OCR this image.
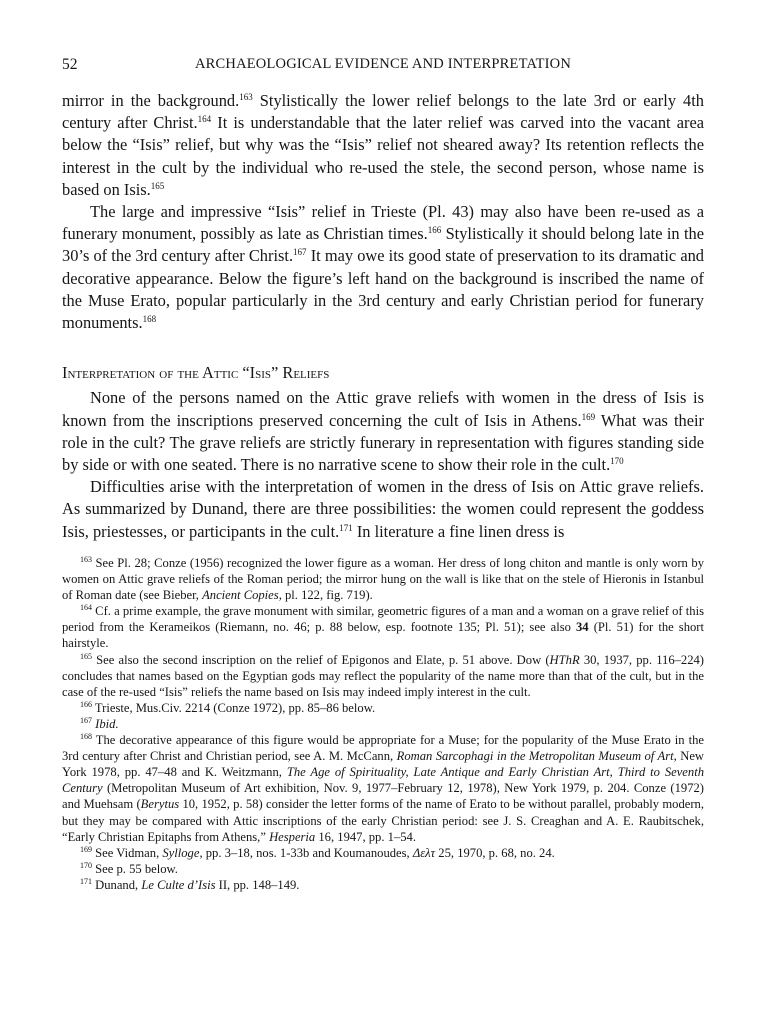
52	ARCHAEOLOGICAL EVIDENCE AND INTERPRETATION

mirror in the background.$^{163}$ Stylistically the lower relief belongs to the late 3rd or early 4th century after Christ.$^{164}$ It is understandable that the later relief was carved into the vacant area below the “Isis” relief, but why was the “Isis” relief not sheared away? Its retention reflects the interest in the cult by the individual who re-used the stele, the second person, whose name is based on Isis.$^{165}$

The large and impressive “Isis” relief in Trieste (Pl. 43) may also have been re-used as a funerary monument, possibly as late as Christian times.$^{166}$ Stylistically it should belong late in the 30’s of the 3rd century after Christ.$^{167}$ It may owe its good state of preservation to its dramatic and decorative appearance. Below the figure’s left hand on the background is inscribed the name of the Muse Erato, popular particularly in the 3rd century and early Christian period for funerary monuments.$^{168}$

Interpretation of the Attic “Isis” Reliefs

None of the persons named on the Attic grave reliefs with women in the dress of Isis is known from the inscriptions preserved concerning the cult of Isis in Athens.$^{169}$ What was their role in the cult? The grave reliefs are strictly funerary in representation with figures standing side by side or with one seated. There is no narrative scene to show their role in the cult.$^{170}$

Difficulties arise with the interpretation of women in the dress of Isis on Attic grave reliefs. As summarized by Dunand, there are three possibilities: the women could represent the goddess Isis, priestesses, or participants in the cult.$^{171}$ In literature a fine linen dress is

$^{163}$ See Pl. 28; Conze (1956) recognized the lower figure as a woman. Her dress of long chiton and mantle is only worn by women on Attic grave reliefs of the Roman period; the mirror hung on the wall is like that on the stele of Hieronis in Istanbul of Roman date (see Bieber, Ancient Copies, pl. 122, fig. 719).

$^{164}$ Cf. a prime example, the grave monument with similar, geometric figures of a man and a woman on a grave relief of this period from the Kerameikos (Riemann, no. 46; p. 88 below, esp. footnote 135; Pl. 51); see also 34 (Pl. 51) for the short hairstyle.

$^{165}$ See also the second inscription on the relief of Epigonos and Elate, p. 51 above. Dow (HThR 30, 1937, pp. 116–224) concludes that names based on the Egyptian gods may reflect the popularity of the name more than that of the cult, but in the case of the re-used “Isis” reliefs the name based on Isis may indeed imply interest in the cult.

$^{166}$ Trieste, Mus.Civ. 2214 (Conze 1972), pp. 85–86 below.

$^{167}$ Ibid.

$^{168}$ The decorative appearance of this figure would be appropriate for a Muse; for the popularity of the Muse Erato in the 3rd century after Christ and Christian period, see A. M. McCann, Roman Sarcophagi in the Metropolitan Museum of Art, New York 1978, pp. 47–48 and K. Weitzmann, The Age of Spirituality, Late Antique and Early Christian Art, Third to Seventh Century (Metropolitan Museum of Art exhibition, Nov. 9, 1977–February 12, 1978), New York 1979, p. 204. Conze (1972) and Muehsam (Berytus 10, 1952, p. 58) consider the letter forms of the name of Erato to be without parallel, probably modern, but they may be compared with Attic inscriptions of the early Christian period: see J. S. Creaghan and A. E. Raubitschek, “Early Christian Epitaphs from Athens,” Hesperia 16, 1947, pp. 1–54.

$^{169}$ See Vidman, Sylloge, pp. 3–18, nos. 1-33b and Koumanoudes, Δελτ 25, 1970, p. 68, no. 24.

$^{170}$ See p. 55 below.

$^{171}$ Dunand, Le Culte d’Isis II, pp. 148–149.
